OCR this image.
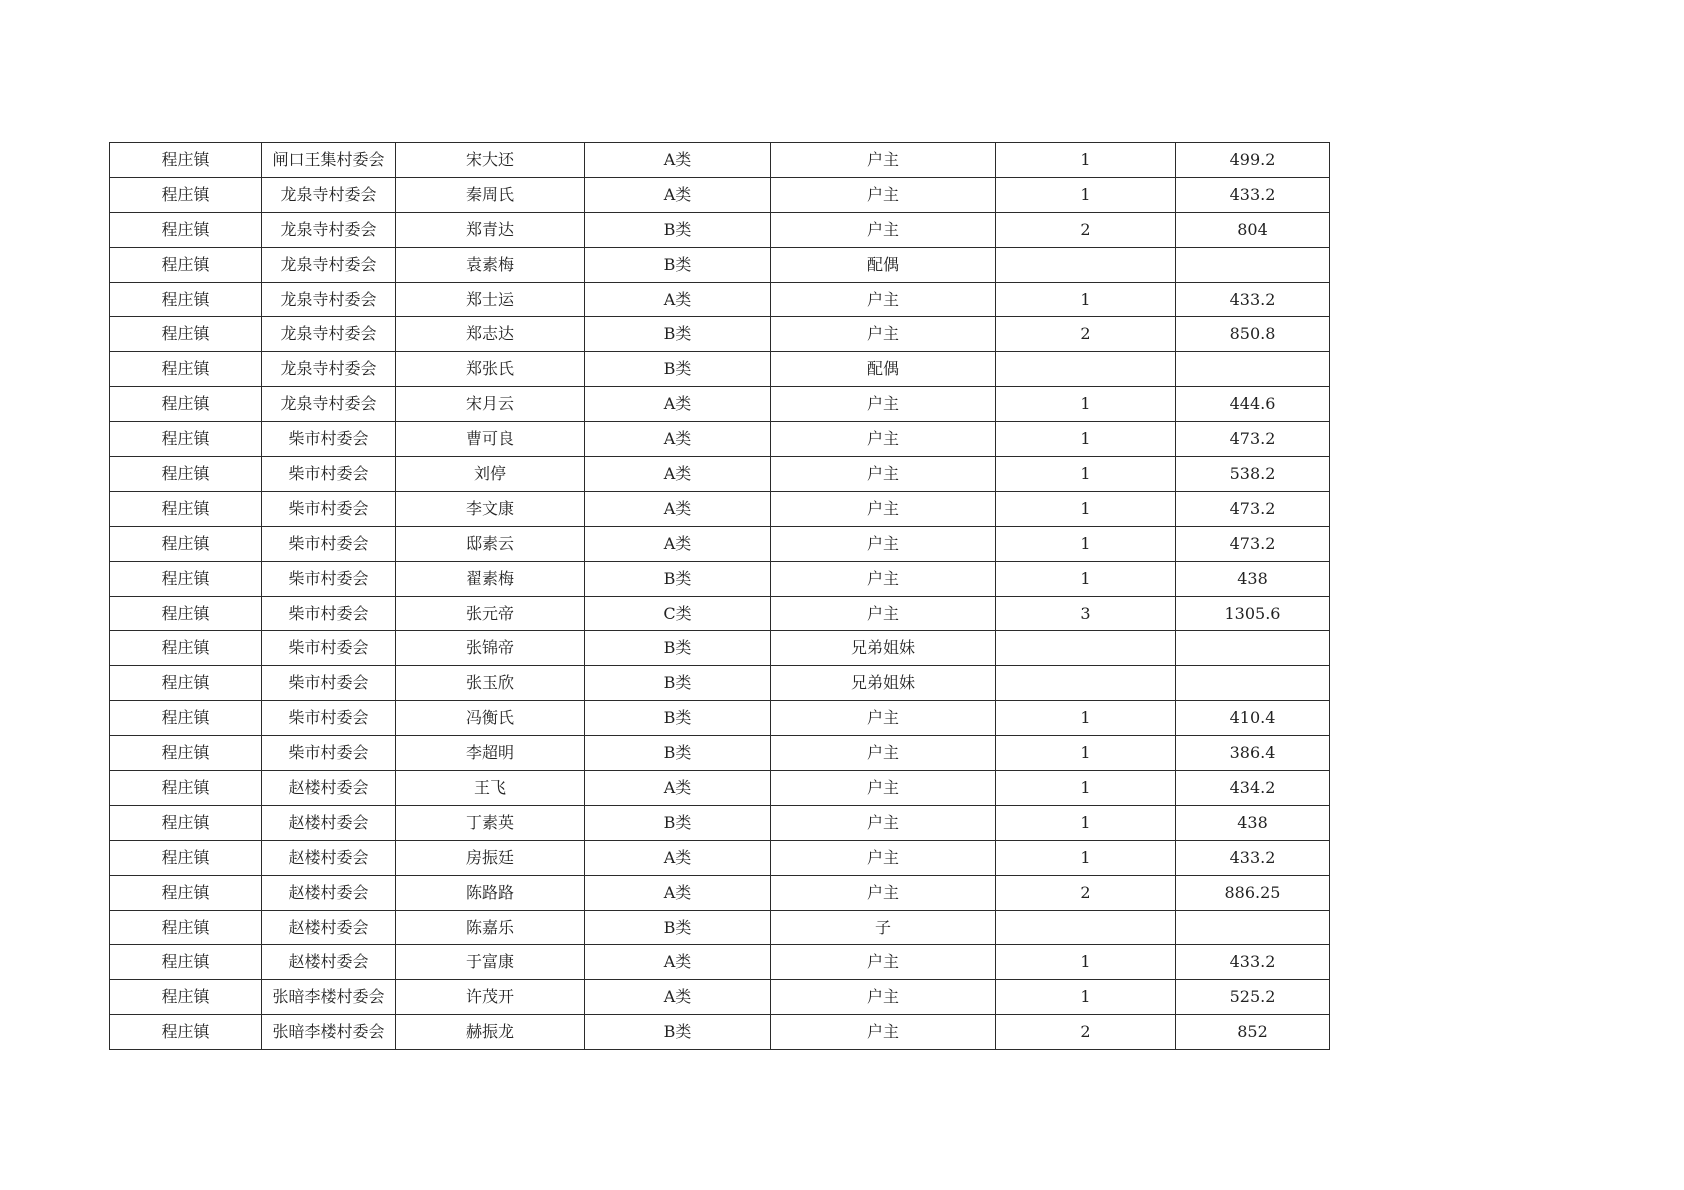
程庄镇	闸口王集村委会	宋大还	A类	户主	1	499.2
程庄镇	龙泉寺村委会	秦周氏	A类	户主	1	433.2
程庄镇	龙泉寺村委会	郑青达	B类	户主	2	804
程庄镇	龙泉寺村委会	袁素梅	B类	配偶		
程庄镇	龙泉寺村委会	郑士运	A类	户主	1	433.2
程庄镇	龙泉寺村委会	郑志达	B类	户主	2	850.8
程庄镇	龙泉寺村委会	郑张氏	B类	配偶		
程庄镇	龙泉寺村委会	宋月云	A类	户主	1	444.6
程庄镇	柴市村委会	曹可良	A类	户主	1	473.2
程庄镇	柴市村委会	刘停	A类	户主	1	538.2
程庄镇	柴市村委会	李文康	A类	户主	1	473.2
程庄镇	柴市村委会	邸素云	A类	户主	1	473.2
程庄镇	柴市村委会	翟素梅	B类	户主	1	438
程庄镇	柴市村委会	张元帝	C类	户主	3	1305.6
程庄镇	柴市村委会	张锦帝	B类	兄弟姐妹		
程庄镇	柴市村委会	张玉欣	B类	兄弟姐妹		
程庄镇	柴市村委会	冯衡氏	B类	户主	1	410.4
程庄镇	柴市村委会	李超明	B类	户主	1	386.4
程庄镇	赵楼村委会	王飞	A类	户主	1	434.2
程庄镇	赵楼村委会	丁素英	B类	户主	1	438
程庄镇	赵楼村委会	房振廷	A类	户主	1	433.2
程庄镇	赵楼村委会	陈路路	A类	户主	2	886.25
程庄镇	赵楼村委会	陈嘉乐	B类	子		
程庄镇	赵楼村委会	于富康	A类	户主	1	433.2
程庄镇	张暗李楼村委会	许茂开	A类	户主	1	525.2
程庄镇	张暗李楼村委会	赫振龙	B类	户主	2	852
